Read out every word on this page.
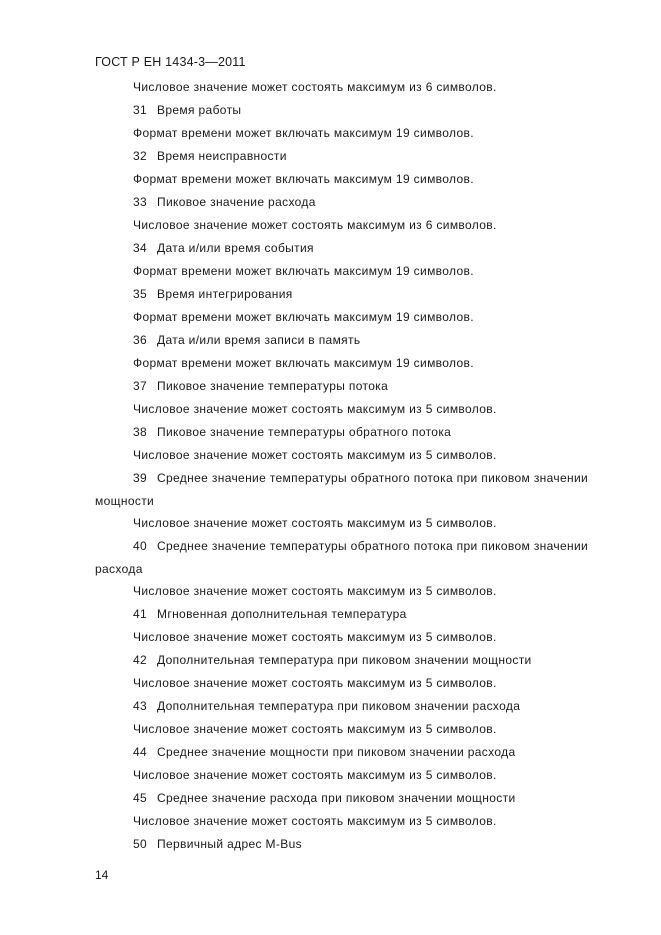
ГОСТ Р ЕН 1434-3—2011
Числовое значение может состоять максимум из 6 символов.
31 Время работы
Формат времени может включать максимум 19 символов.
32 Время неисправности
Формат времени может включать максимум 19 символов.
33 Пиковое значение расхода
Числовое значение может состоять максимум из 6 символов.
34 Дата и/или время события
Формат времени может включать максимум 19 символов.
35 Время интегрирования
Формат времени может включать максимум 19 символов.
36 Дата и/или время записи в память
Формат времени может включать максимум 19 символов.
37 Пиковое значение температуры потока
Числовое значение может состоять максимум из 5 символов.
38 Пиковое значение температуры обратного потока
Числовое значение может состоять максимум из 5 символов.
39 Среднее значение температуры обратного потока при пиковом значении
мощности
Числовое значение может состоять максимум из 5 символов.
40 Среднее значение температуры обратного потока при пиковом значении
расхода
Числовое значение может состоять максимум из 5 символов.
41 Мгновенная дополнительная температура
Числовое значение может состоять максимум из 5 символов.
42 Дополнительная температура при пиковом значении мощности
Числовое значение может состоять максимум из 5 символов.
43 Дополнительная температура при пиковом значении расхода
Числовое значение может состоять максимум из 5 символов.
44 Среднее значение мощности при пиковом значении расхода
Числовое значение может состоять максимум из 5 символов.
45 Среднее значение расхода при пиковом значении мощности
Числовое значение может состоять максимум из 5 символов.
50 Первичный адрес M-Bus
14
